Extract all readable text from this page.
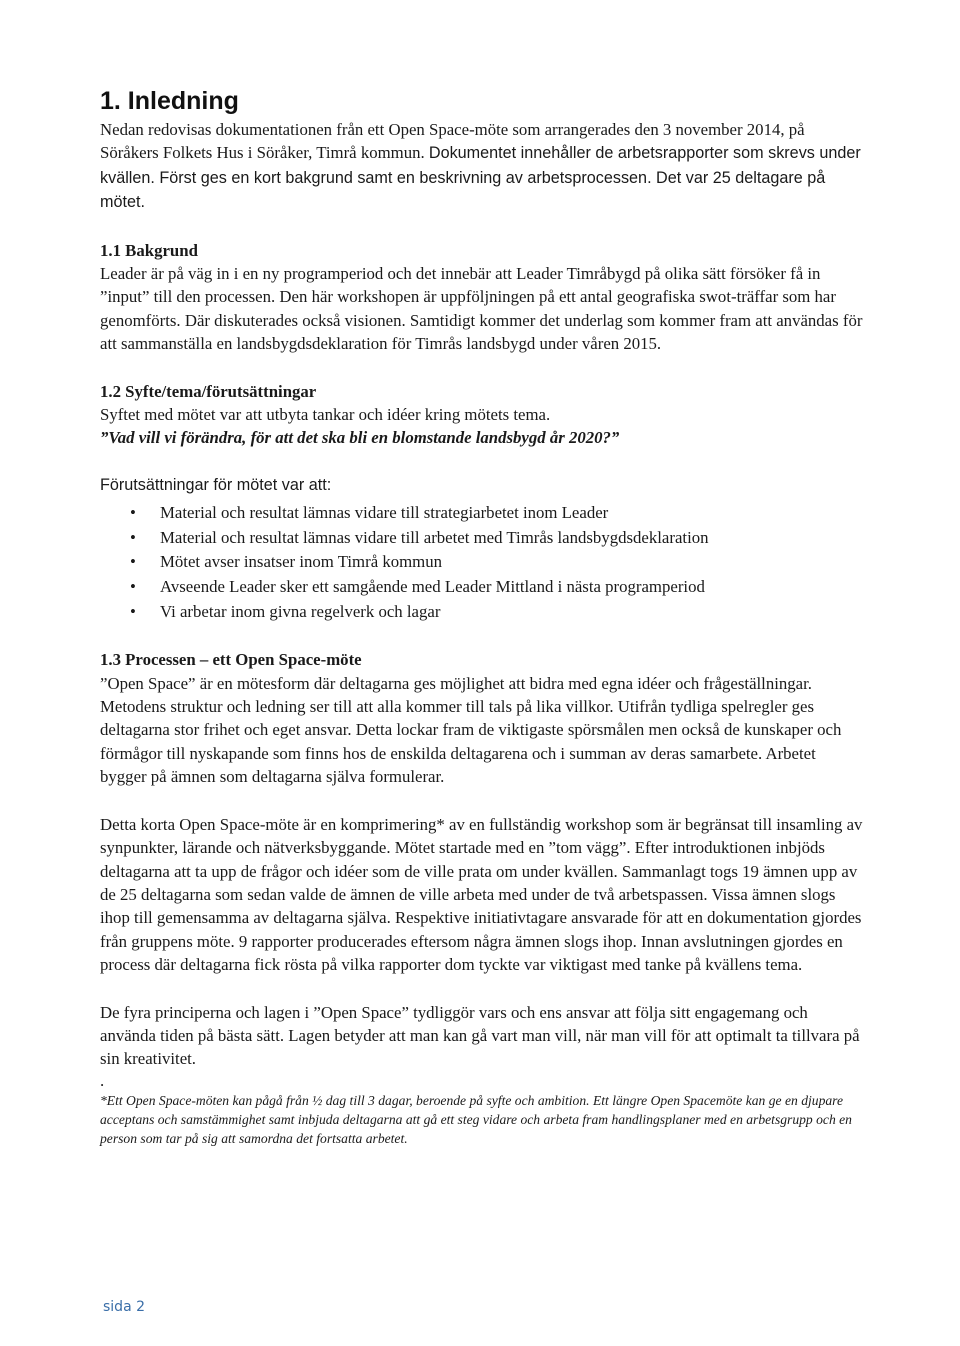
1. Inledning

Nedan redovisas dokumentationen från ett Open Space-möte som arrangerades den 3 november 2014, på Söråkers Folkets Hus i Söråker, Timrå kommun. Dokumentet innehåller de arbetsrapporter som skrevs under kvällen. Först ges en kort bakgrund samt en beskrivning av arbetsprocessen. Det var 25 deltagare på mötet.

1.1 Bakgrund

Leader är på väg in i en ny programperiod och det innebär att Leader Timråbygd på olika sätt försöker få in ”input” till den processen. Den här workshopen är uppföljningen på ett antal geografiska swot-träffar som har genomförts. Där diskuterades också visionen. Samtidigt kommer det underlag som kommer fram att användas för att sammanställa en landsbygdsdeklaration för Timrås landsbygd under våren 2015.

1.2 Syfte/tema/förutsättningar

Syftet med mötet var att utbyta tankar och idéer kring mötets tema.

”Vad vill vi förändra, för att det ska bli en blomstande landsbygd år 2020?”

Förutsättningar för mötet var att:

• Material och resultat lämnas vidare till strategiarbetet inom Leader
• Material och resultat lämnas vidare till arbetet med Timrås landsbygdsdeklaration
• Mötet avser insatser inom Timrå kommun
• Avseende Leader sker ett samgående med Leader Mittland i nästa programperiod
• Vi arbetar inom givna regelverk och lagar
1.3 Processen – ett Open Space-möte

”Open Space” är en mötesform där deltagarna ges möjlighet att bidra med egna idéer och frågeställningar. Metodens struktur och ledning ser till att alla kommer till tals på lika villkor. Utifrån tydliga spelregler ges deltagarna stor frihet och eget ansvar. Detta lockar fram de viktigaste spörsmålen men också de kunskaper och förmågor till nyskapande som finns hos de enskilda deltagarena och i summan av deras samarbete. Arbetet bygger på ämnen som deltagarna själva formulerar.

Detta korta Open Space-möte är en komprimering* av en fullständig workshop som är begränsat till insamling av synpunkter, lärande och nätverksbyggande. Mötet startade med en ”tom vägg”. Efter introduktionen inbjöds deltagarna att ta upp de frågor och idéer som de ville prata om under kvällen. Sammanlagt togs 19 ämnen upp av de 25 deltagarna som sedan valde de ämnen de ville arbeta med under de två arbetspassen. Vissa ämnen slogs ihop till gemensamma av deltagarna själva. Respektive initiativtagare ansvarade för att en dokumentation gjordes från gruppens möte. 9 rapporter producerades eftersom några ämnen slogs ihop. Innan avslutningen gjordes en process där deltagarna fick rösta på vilka rapporter dom tyckte var viktigast med tanke på kvällens tema.

De fyra principerna och lagen i ”Open Space” tydliggör vars och ens ansvar att följa sitt engagemang och använda tiden på bästa sätt. Lagen betyder att man kan gå vart man vill, när man vill för att optimalt ta tillvara på sin kreativitet.

.

*Ett Open Space-möten kan pågå från ½ dag till 3 dagar, beroende på syfte och ambition. Ett längre Open Spacemöte kan ge en djupare acceptans och samstämmighet samt inbjuda deltagarna att gå ett steg vidare och arbeta fram handlingsplaner med en arbetsgrupp och en person som tar på sig att samordna det fortsatta arbetet.

sida 2
